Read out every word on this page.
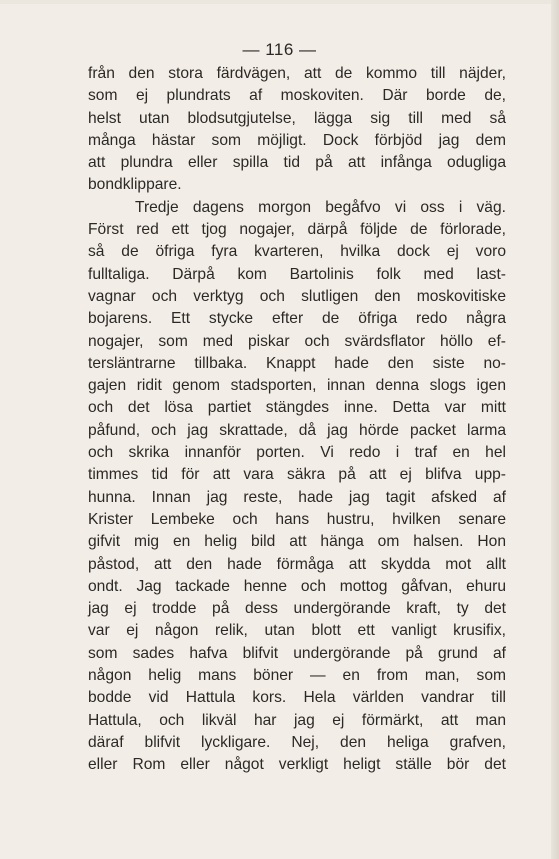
— 116 —
från den stora färdvägen, att de kommo till näjder,
som ej plundrats af moskoviten. Där borde de,
helst utan blodsutgjutelse, lägga sig till med så
många hästar som möjligt. Dock förbjöd jag dem
att plundra eller spilla tid på att infånga odugliga
bondklippare.
Tredje dagens morgon begåfvo vi oss i väg.
Först red ett tjog nogajer, därpå följde de förlorade,
så de öfriga fyra kvarteren, hvilka dock ej voro
fulltaliga. Därpå kom Bartolinis folk med last-
vagnar och verktyg och slutligen den moskovitiske
bojarens. Ett stycke efter de öfriga redo några
nogajer, som med piskar och svärdsflator höllo ef-
tersläntrarne tillbaka. Knappt hade den siste no-
gajen ridit genom stadsporten, innan denna slogs igen
och det lösa partiet stängdes inne. Detta var mitt
påfund, och jag skrattade, då jag hörde packet larma
och skrika innanför porten. Vi redo i traf en hel
timmes tid för att vara säkra på att ej blifva upp-
hunna. Innan jag reste, hade jag tagit afsked af
Krister Lembeke och hans hustru, hvilken senare
gifvit mig en helig bild att hänga om halsen. Hon
påstod, att den hade förmåga att skydda mot allt
ondt. Jag tackade henne och mottog gåfvan, ehuru
jag ej trodde på dess undergörande kraft, ty det
var ej någon relik, utan blott ett vanligt krusifix,
som sades hafva blifvit undergörande på grund af
någon helig mans böner — en from man, som
bodde vid Hattula kors. Hela världen vandrar till
Hattula, och likväl har jag ej förmärkt, att man
däraf blifvit lyckligare. Nej, den heliga grafven,
eller Rom eller något verkligt heligt ställe bör det
